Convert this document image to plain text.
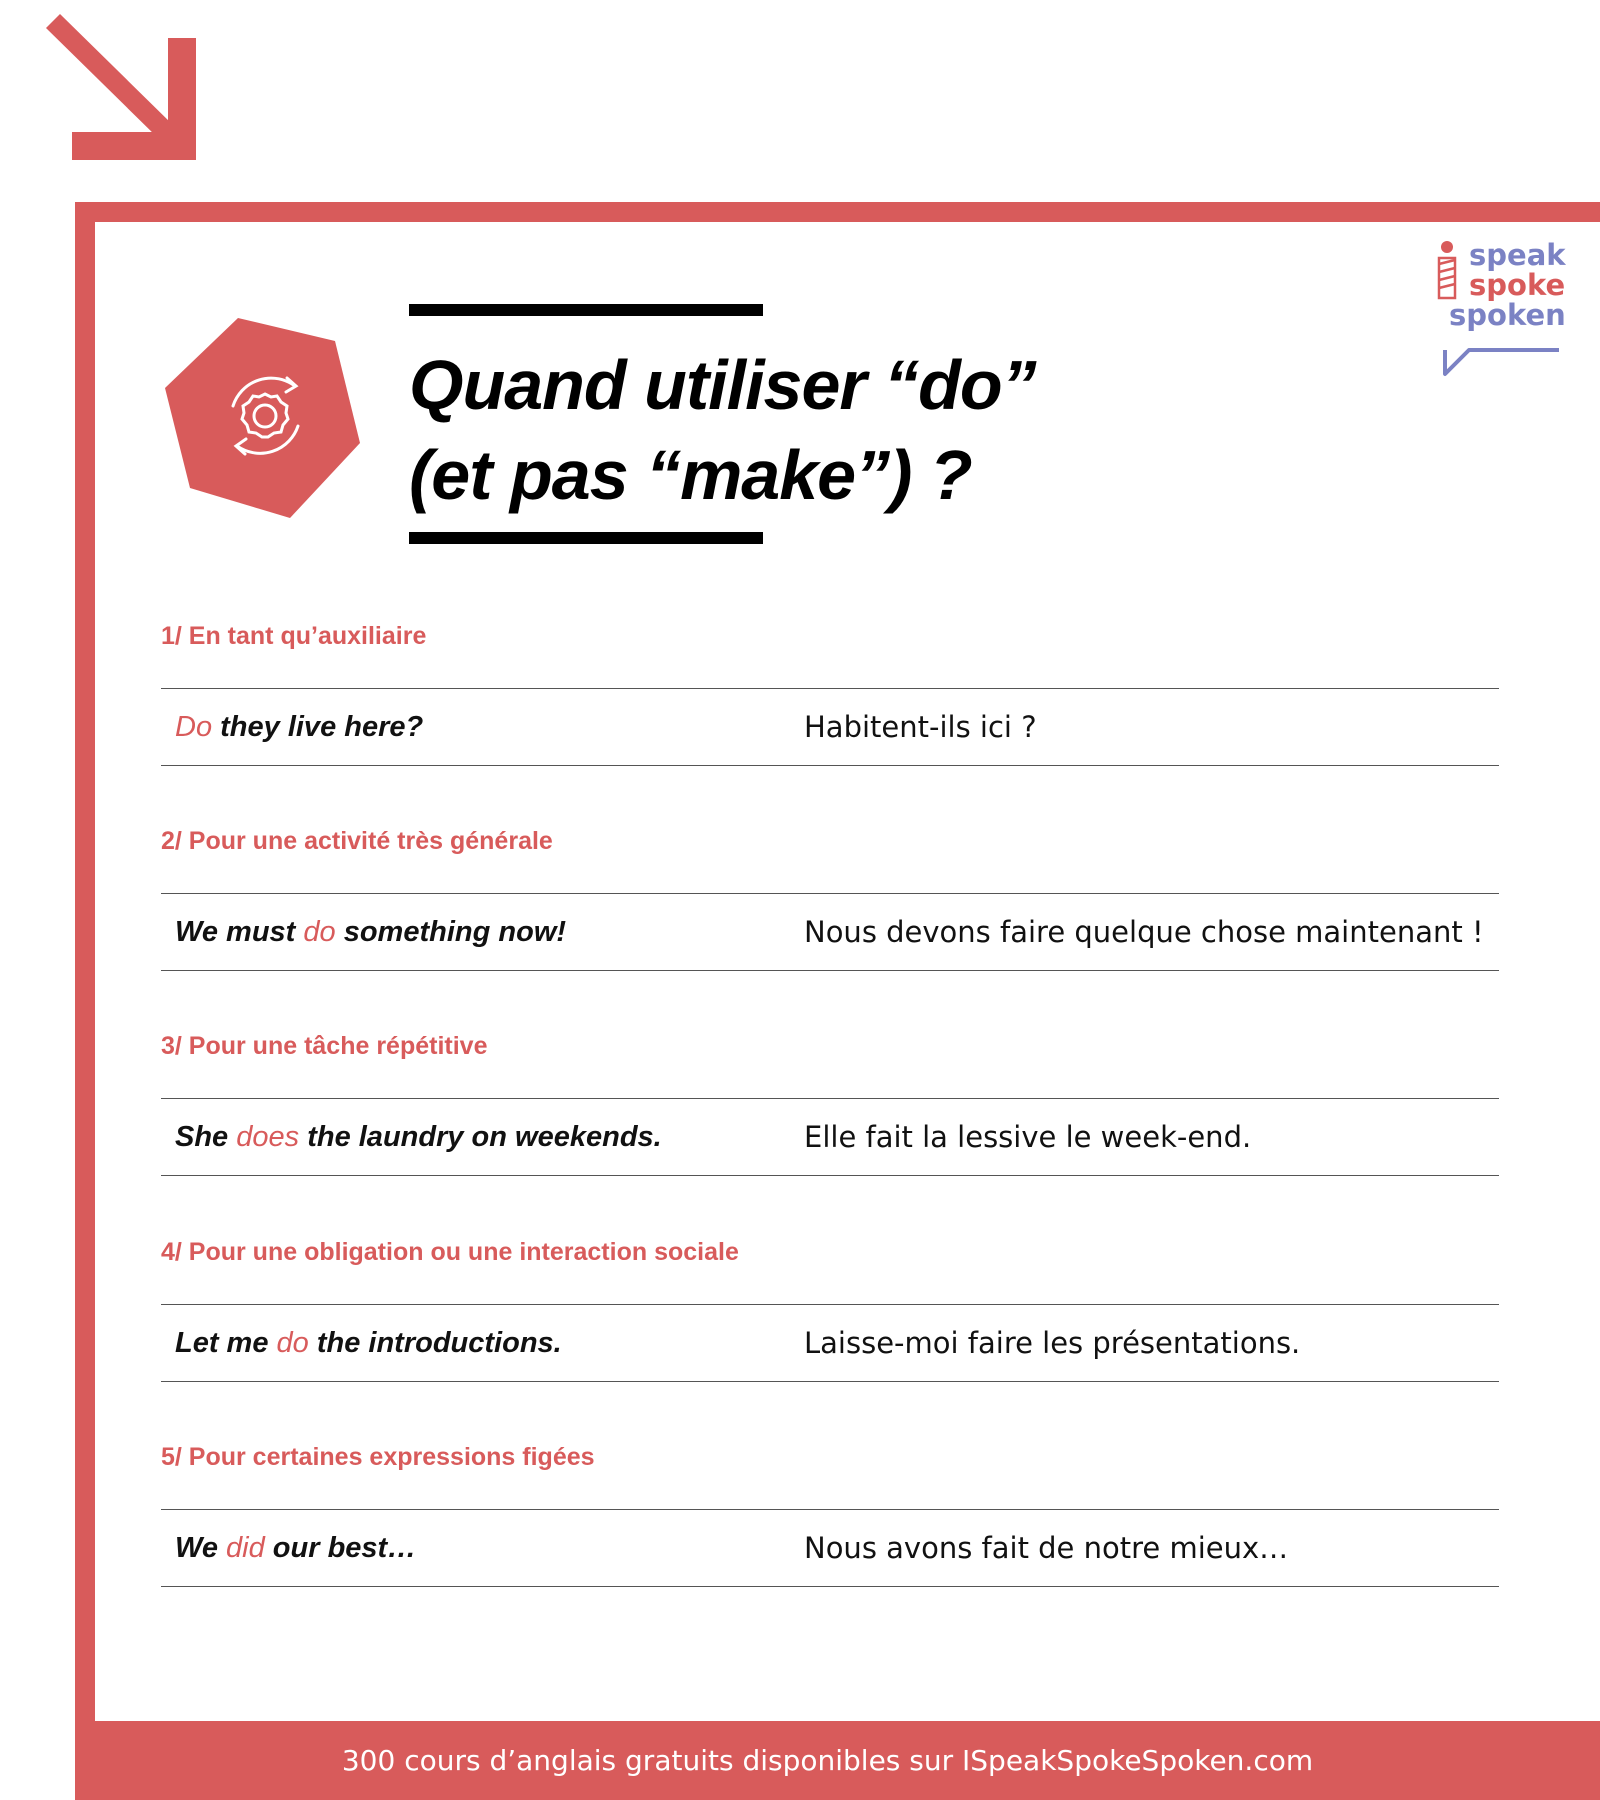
Quand utiliser “do”
(et pas “make”) ?
speak
spoke
spoken
1/ En tant qu’auxiliaire
Do they live here?	Habitent-ils ici ?
2/ Pour une activité très générale
We must do something now!	Nous devons faire quelque chose maintenant !
3/ Pour une tâche répétitive
She does the laundry on weekends.	Elle fait la lessive le week-end.
4/ Pour une obligation ou une interaction sociale
Let me do the introductions.	Laisse-moi faire les présentations.
5/ Pour certaines expressions figées
We did our best…	Nous avons fait de notre mieux…
300 cours d’anglais gratuits disponibles sur ISpeakSpokeSpoken.com
